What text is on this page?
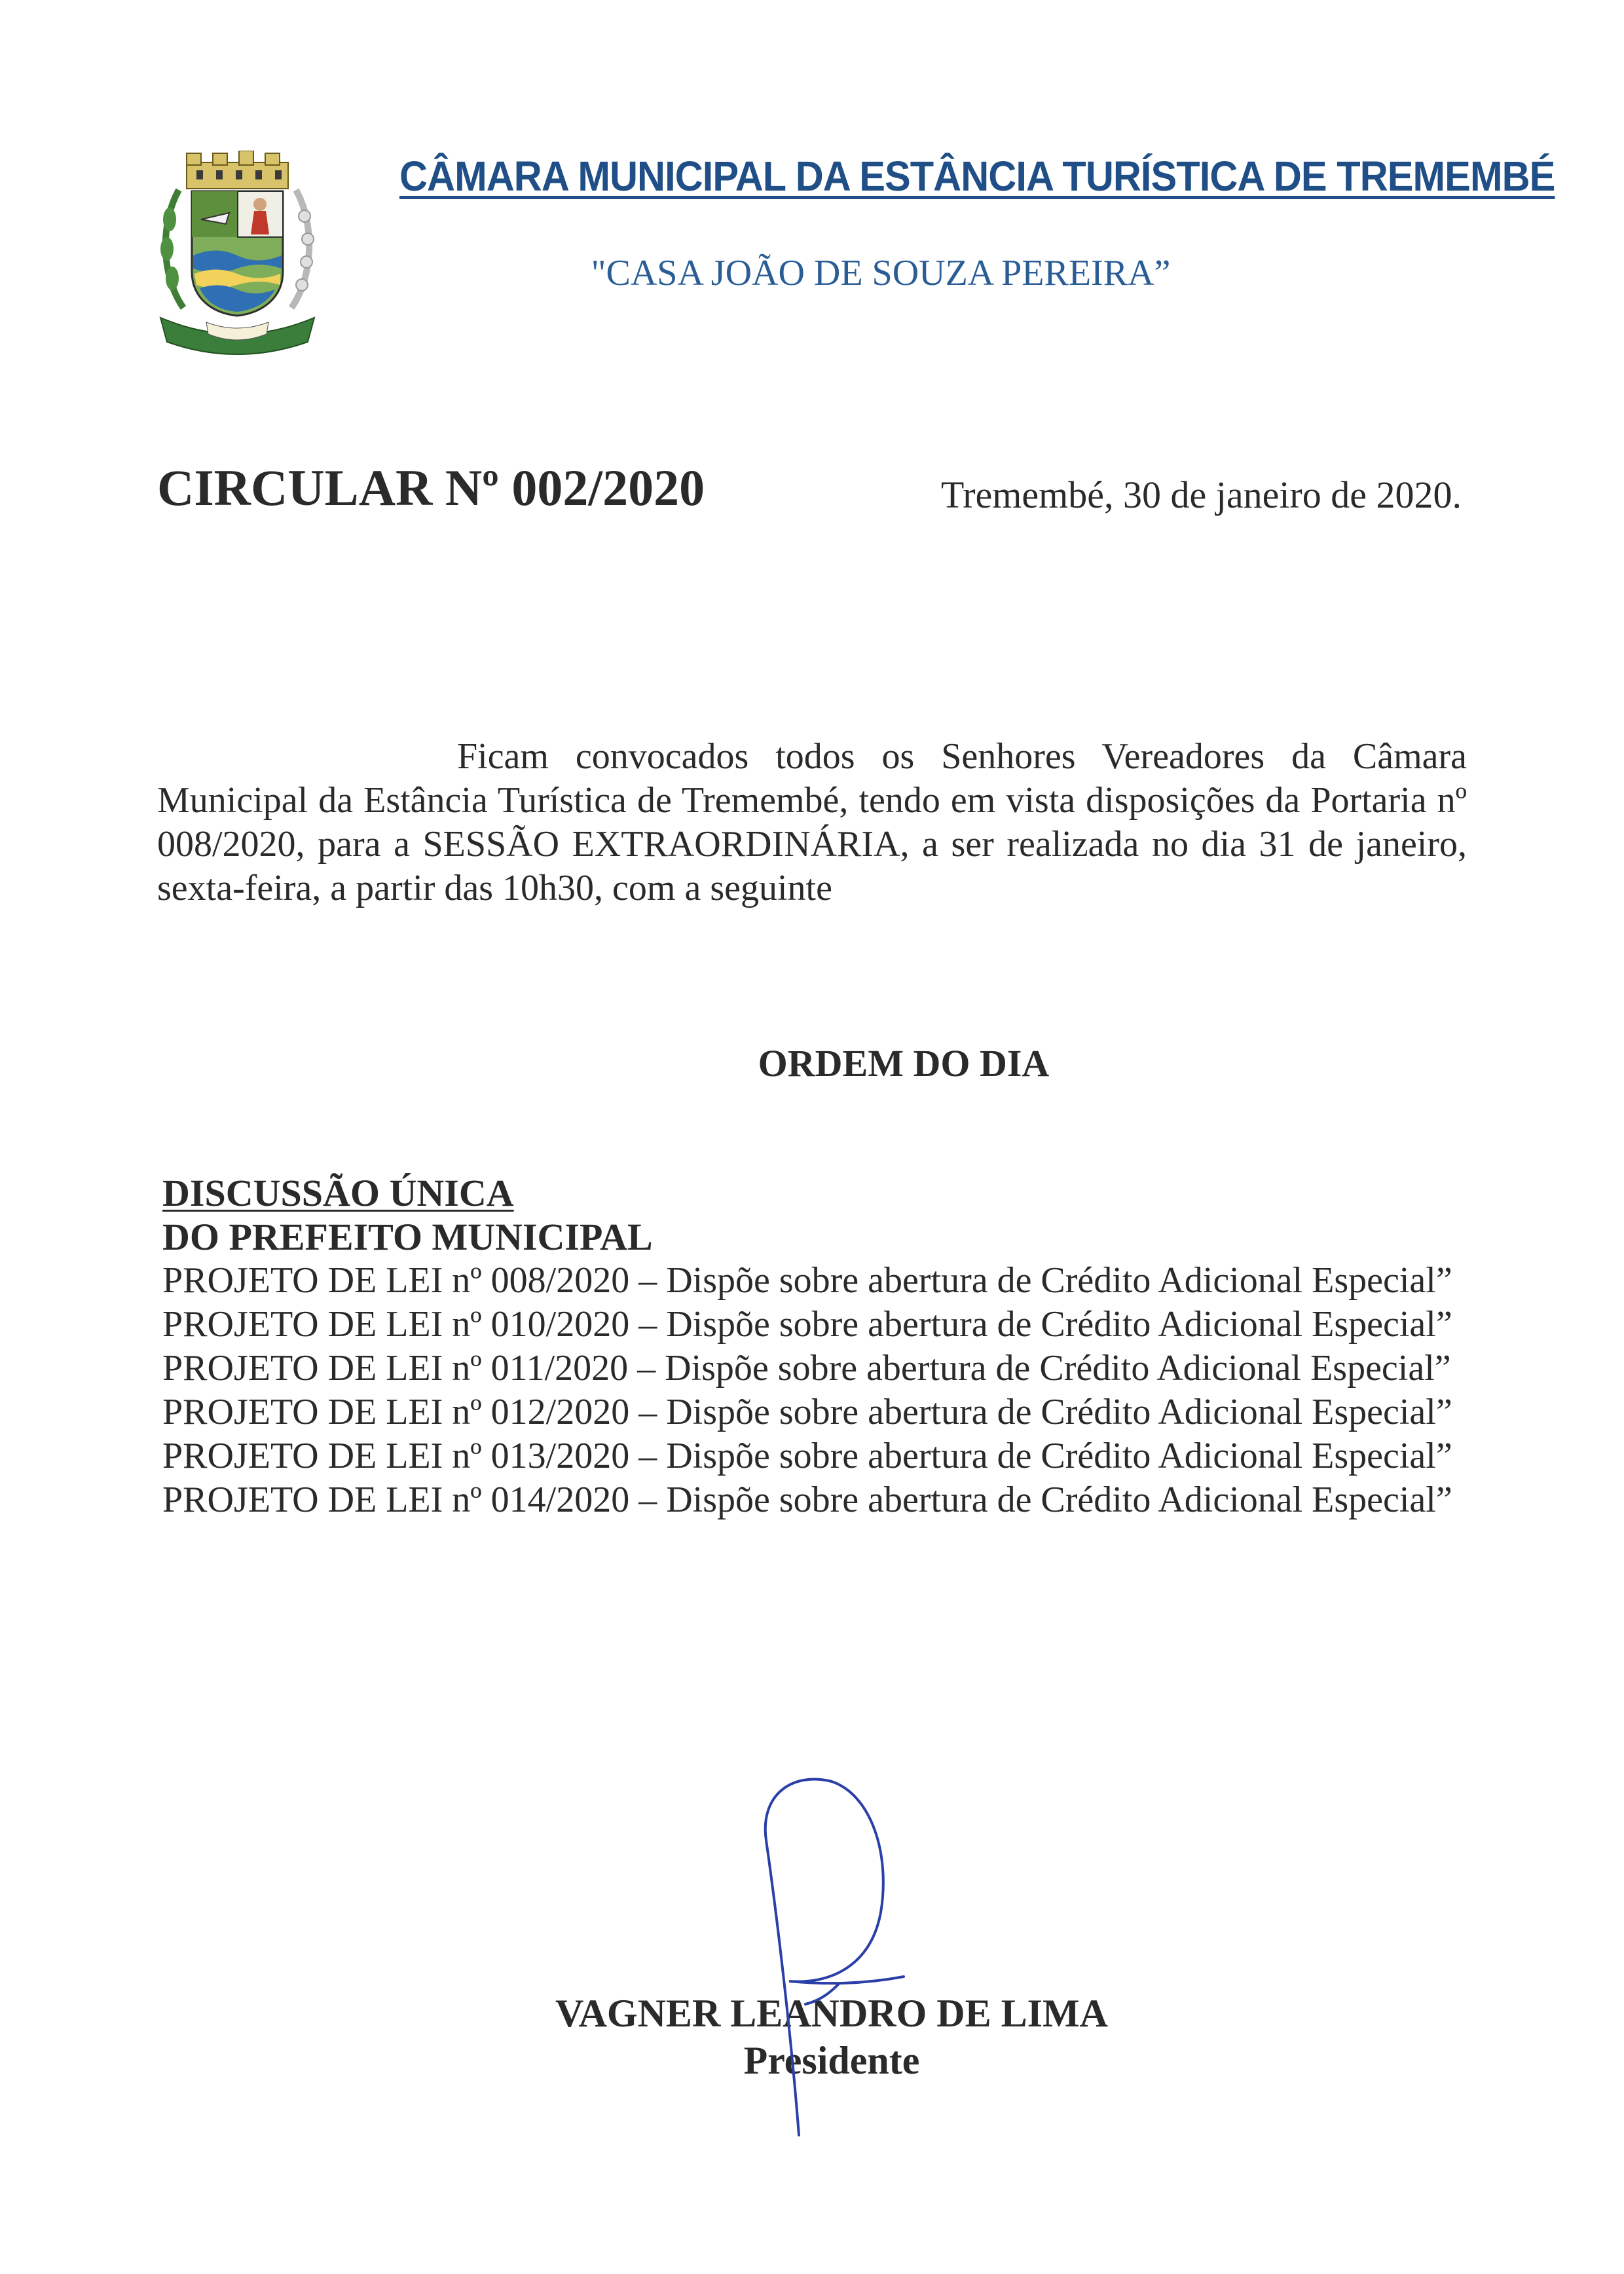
CÂMARA MUNICIPAL DA ESTÂNCIA TURÍSTICA DE TREMEMBÉ
"CASA JOÃO DE SOUZA PEREIRA”
CIRCULAR Nº 002/2020	Tremembé, 30 de janeiro de 2020.

Ficam convocados todos os Senhores Vereadores da Câmara Municipal da Estância Turística de Tremembé, tendo em vista disposições da Portaria nº 008/2020, para a SESSÃO EXTRAORDINÁRIA, a ser realizada no dia 31 de janeiro, sexta-feira, a partir das 10h30, com a seguinte

ORDEM DO DIA
DISCUSSÃO ÚNICA
DO PREFEITO MUNICIPAL
PROJETO DE LEI nº 008/2020 – Dispõe sobre abertura de Crédito Adicional Especial”
PROJETO DE LEI nº 010/2020 – Dispõe sobre abertura de Crédito Adicional Especial”
PROJETO DE LEI nº 011/2020 – Dispõe sobre abertura de Crédito Adicional Especial”
PROJETO DE LEI nº 012/2020 – Dispõe sobre abertura de Crédito Adicional Especial”
PROJETO DE LEI nº 013/2020 – Dispõe sobre abertura de Crédito Adicional Especial”
PROJETO DE LEI nº 014/2020 – Dispõe sobre abertura de Crédito Adicional Especial”
VAGNER LEANDRO DE LIMA
Presidente
